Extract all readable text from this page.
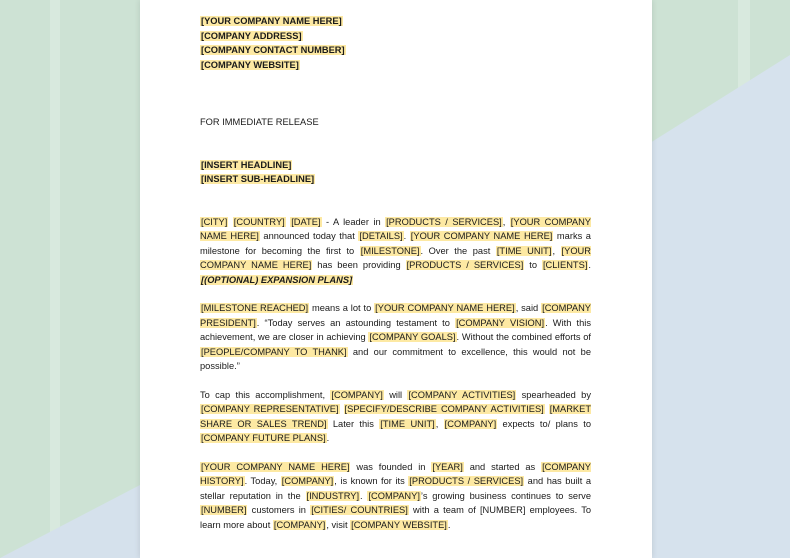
[YOUR COMPANY NAME HERE]
[COMPANY ADDRESS]
[COMPANY CONTACT NUMBER]
[COMPANY WEBSITE]
FOR IMMEDIATE RELEASE
[INSERT HEADLINE]
[INSERT SUB-HEADLINE]

[CITY] [COUNTRY] [DATE] - A leader in [PRODUCTS / SERVICES], [YOUR COMPANY NAME HERE] announced today that [DETAILS]. [YOUR COMPANY NAME HERE] marks a milestone for becoming the first to [MILESTONE]. Over the past [TIME UNIT], [YOUR COMPANY NAME HERE] has been providing [PRODUCTS / SERVICES] to [CLIENTS]. [(OPTIONAL) EXPANSION PLANS]

[MILESTONE REACHED] means a lot to [YOUR COMPANY NAME HERE], said [COMPANY PRESIDENT]. “Today serves an astounding testament to [COMPANY VISION]. With this achievement, we are closer in achieving [COMPANY GOALS]. Without the combined efforts of [PEOPLE/COMPANY TO THANK] and our commitment to excellence, this would not be possible.”

To cap this accomplishment, [COMPANY] will [COMPANY ACTIVITIES] spearheaded by [COMPANY REPRESENTATIVE] [SPECIFY/DESCRIBE COMPANY ACTIVITIES] [MARKET SHARE OR SALES TREND] Later this [TIME UNIT], [COMPANY] expects to/ plans to [COMPANY FUTURE PLANS].

[YOUR COMPANY NAME HERE] was founded in [YEAR] and started as [COMPANY HISTORY]. Today, [COMPANY], is known for its [PRODUCTS / SERVICES] and has built a stellar reputation in the [INDUSTRY]. [COMPANY]’s growing business continues to serve [NUMBER] customers in [CITIES/ COUNTRIES] with a team of [NUMBER] employees. To learn more about [COMPANY], visit [COMPANY WEBSITE].
